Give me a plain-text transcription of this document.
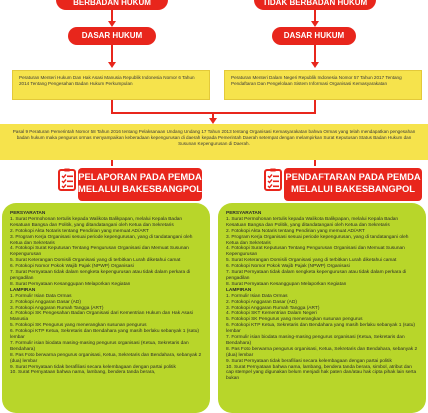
BERBADAN HUKUM	TIDAK BERBADAN HUKUM
DASAR HUKUM	DASAR HUKUM
Peraturan Menteri Hukum Dan Hak Asasi Manusia Republik Indonesia Nomor 6 Tahun 2014 Tentang Pengesahan Badan Hukum Perkumpulan
Peraturan Menteri Dalam Negeri Republik Indonesia Nomor 57 Tahun 2017 Tentang Pendaftaran Dan Pengelolaan Sistem Informasi Organisasi Kemasyarakatan
Pasal 9 Peraturan Pemerintah Nomor 58 Tahun 2016 tentang Pelaksanaan Undang Undang 17 Tahun 2013 tentang Organisasi Kemasyarakatan bahwa Ormas yang telah mendapatkan pengesahan badan hukum maka pengurus ormas menyampaikan keberadaan kepengurusan di daerah kepada Pemerintah Daerah setempat dengan melampirkan Surat Keputusan Status Badan Hukum dan Susunan Kepengurusan di Daerah.
PELAPORAN PADA PEMDA
MELALUI BAKESBANGPOL
PENDAFTARAN PADA PEMDA
MELALUI BAKESBANGPOL
PERSYARATAN

1. Surat Permohonan tertulis kepada Walikota Balikpapan, melalui Kepala Badan Kesatuan Bangsa dan Politik, yang ditandatangani oleh Ketua dan Sekretaris

2. Fotokopi Akta Notaris tentang Pendirian yang memuat AD/ART

3. Program Kerja Organisasi sesuai periode kepengurusan, yang di tandatangani oleh Ketua dan Sekretaris

4. Fotokopi Surat Keputusan Tentang Pengurusan Organisasi dan Memuat Susunan Kepengurusan

5. Surat Keterangan Domisili Organisasi yang di terbitkan Lurah diketahui camat

6. Fotokopi Nomor Pokok Wajib Pajak (NPWP) Organisasi

7. Surat Pernyataan tidak dalam sengketa kepengurusan atau tidak dalam perkara di pengadilan

8. Surat Pernyataan Kesanggupan Melaporkan Kegiatan

LAMPIRAN

1. Formulir Isian Data Ormas

2. Fotokopi Anggaran Dasar (AD)

3. Fotokopi Anggaran Rumah Tangga (ART)

4. Fotokopi SK Pengesahan Badan Organisasi dari Kementrian Hukum dan Hak Asasi Manusia

5. Fotokopi SK Pengurus yang menerangkan susunan pengurus

6. Fotokopi KTP Ketua, Sekretaris dan Bendahara yang masih berlaku sebanyak 1 (satu) lembar

7. Formulir isian biodata masing-masing pengurus organisasi (Ketua, Sekretaris dan Bendahara)

8. Pas Foto berwarna pengurus organisasi, Ketua, Sekretaris dan Bendahara, sebanyak 2 (dua) lembar

9. Surat Pernyataan tidak berafiliasi secara kelembagaan dengan partai politik

10. Surat Pernyataan bahwa nama, lambang, bendera tanda berara,

PERSYARATAN

1. Surat Permohonan tertulis kepada Walikota Balikpapan, melalui Kepala Badan Kesatuan Bangsa dan Politik, yang ditandatangani oleh Ketua dan Sekretaris

2. Fotokopi Akta Notaris tentang Pendirian yang memuat AD/ART

3. Program Kerja Organisasi sesuai periode kepengurusan, yang di tandatangani oleh Ketua dan Sekretaris

4. Fotokopi Surat Keputusan Tentang Pengurusan Organisasi dan Memuat Susunan Kepengurusan

5. Surat Keterangan Domisili Organisasi yang di terbitkan Lurah diketahui camat

6. Fotokopi Nomor Pokok Wajib Pajak (NPWP) Organisasi

7. Surat Pernyataan tidak dalam sengketa kepengurusan atau tidak dalam perkara di pengadilan

8. Surat Pernyataan Kesanggupan Melaporkan Kegiatan

LAMPIRAN

1. Formulir Isian Data Ormas

2. Fotokopi Anggaran Dasar (AD)

3. Fotokopi Anggaran Rumah Tangga (ART)

4. Fotokopi SKT Kementrian Dalam Negeri

5. Fotokopi SK Pengurus yang menerangkan susunan pengurus

6. Fotokopi KTP Ketua, Sekretaris dan Bendahara yang masih berlaku sebanyak 1 (satu) lembar

7. Formulir isian biodata masing-masing pengurus organisasi (Ketua, Sekretaris dan Bendahara)

8. Pas Foto berwarna pengurus organisasi, Ketua, Sekretaris dan Bendahara, sebanyak 2 (dua) lembar

9. Surat Pernyataan tidak berafiliasi secara kelembagaan dengan partai politik

10. Surat Pernyataan bahwa nama, lambang, bendera tanda berara, simbol, atribut dan cap stempel yang digunakan belum menjadi hak paten dan/atau hak cipta pihak lain serta bukan
